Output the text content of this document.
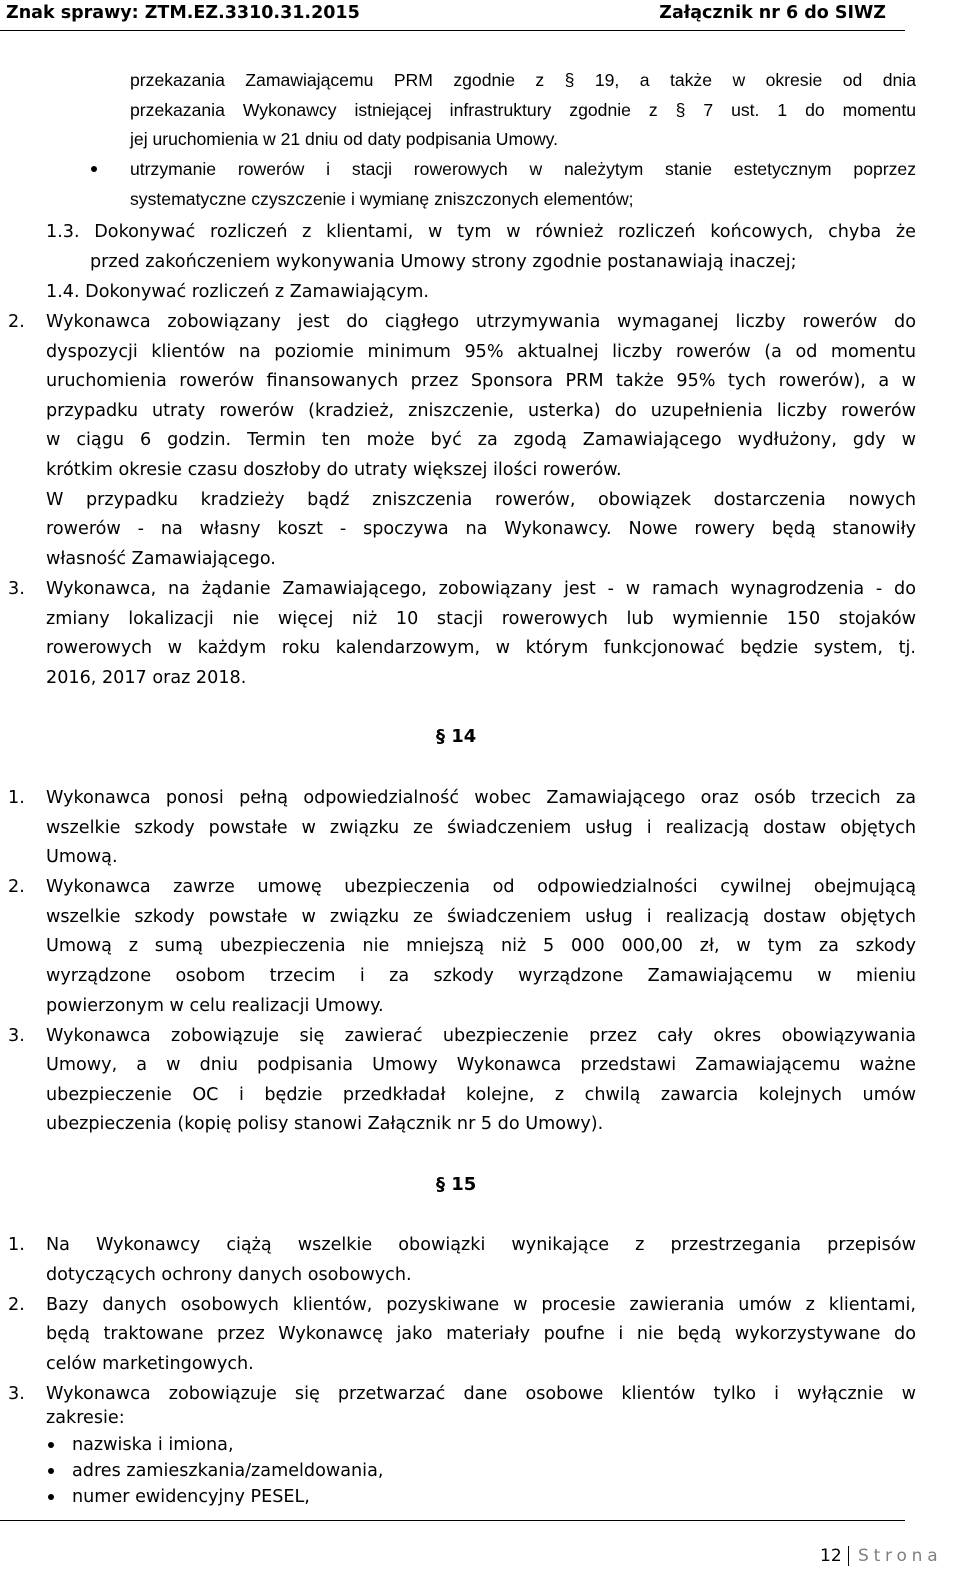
Znak sprawy: ZTM.EZ.3310.31.2015	Załącznik nr 6 do SIWZ
przekazania Zamawiającemu PRM zgodnie z § 19, a także w okresie od dnia
przekazania Wykonawcy istniejącej infrastruktury zgodnie z § 7 ust. 1 do momentu
jej uruchomienia w 21 dniu od daty podpisania Umowy.
utrzymanie rowerów i stacji rowerowych w należytym stanie estetycznym poprzez
systematyczne czyszczenie i wymianę zniszczonych elementów;
1.3. Dokonywać rozliczeń z klientami, w tym w również rozliczeń końcowych, chyba że
przed zakończeniem wykonywania Umowy strony zgodnie postanawiają inaczej;
1.4. Dokonywać rozliczeń z Zamawiającym.
2. Wykonawca zobowiązany jest do ciągłego utrzymywania wymaganej liczby rowerów do
dyspozycji klientów na poziomie minimum 95% aktualnej liczby rowerów (a od momentu
uruchomienia rowerów finansowanych przez Sponsora PRM także 95% tych rowerów), a w
przypadku utraty rowerów (kradzież, zniszczenie, usterka) do uzupełnienia liczby rowerów
w ciągu 6 godzin. Termin ten może być za zgodą Zamawiającego wydłużony, gdy w
krótkim okresie czasu doszłoby do utraty większej ilości rowerów.
W przypadku kradzieży bądź zniszczenia rowerów, obowiązek dostarczenia nowych
rowerów - na własny koszt - spoczywa na Wykonawcy. Nowe rowery będą stanowiły
własność Zamawiającego.
3. Wykonawca, na żądanie Zamawiającego, zobowiązany jest - w ramach wynagrodzenia - do
zmiany lokalizacji nie więcej niż 10 stacji rowerowych lub wymiennie 150 stojaków
rowerowych w każdym roku kalendarzowym, w którym funkcjonować będzie system, tj.
2016, 2017 oraz 2018.
§ 14
1. Wykonawca ponosi pełną odpowiedzialność wobec Zamawiającego oraz osób trzecich za
wszelkie szkody powstałe w związku ze świadczeniem usług i realizacją dostaw objętych
Umową.
2. Wykonawca zawrze umowę ubezpieczenia od odpowiedzialności cywilnej obejmującą
wszelkie szkody powstałe w związku ze świadczeniem usług i realizacją dostaw objętych
Umową z sumą ubezpieczenia nie mniejszą niż 5 000 000,00 zł, w tym za szkody
wyrządzone osobom trzecim i za szkody wyrządzone Zamawiającemu w mieniu
powierzonym w celu realizacji Umowy.
3. Wykonawca zobowiązuje się zawierać ubezpieczenie przez cały okres obowiązywania
Umowy, a w dniu podpisania Umowy Wykonawca przedstawi Zamawiającemu ważne
ubezpieczenie OC i będzie przedkładał kolejne, z chwilą zawarcia kolejnych umów
ubezpieczenia (kopię polisy stanowi Załącznik nr 5 do Umowy).
§ 15
1. Na Wykonawcy ciążą wszelkie obowiązki wynikające z przestrzegania przepisów
dotyczących ochrony danych osobowych.
2. Bazy danych osobowych klientów, pozyskiwane w procesie zawierania umów z klientami,
będą traktowane przez Wykonawcę jako materiały poufne i nie będą wykorzystywane do
celów marketingowych.
3. Wykonawca zobowiązuje się przetwarzać dane osobowe klientów tylko i wyłącznie w
zakresie:
nazwiska i imiona,
adres zamieszkania/zameldowania,
numer ewidencyjny PESEL,
12 Strona
